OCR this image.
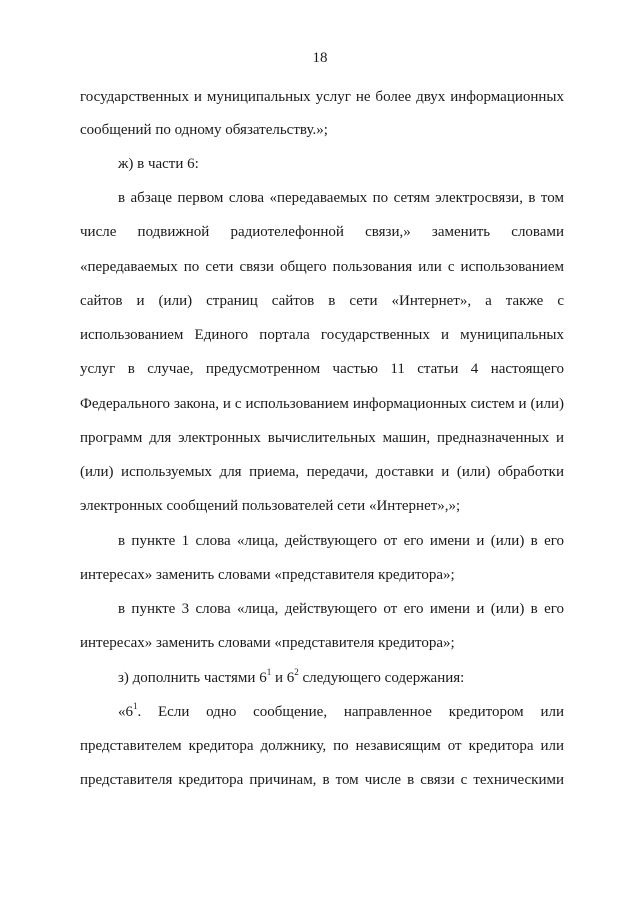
18
государственных и муниципальных услуг не более двух информационных
сообщений по одному обязательству.»;
ж) в части 6:
в абзаце первом слова «передаваемых по сетям электросвязи, в том
числе подвижной радиотелефонной связи,» заменить словами
«передаваемых по сети связи общего пользования или с использованием
сайтов и (или) страниц сайтов в сети «Интернет», а также с
использованием Единого портала государственных и муниципальных
услуг в случае, предусмотренном частью 11 статьи 4 настоящего
Федерального закона, и с использованием информационных систем и (или)
программ для электронных вычислительных машин, предназначенных и
(или) используемых для приема, передачи, доставки и (или) обработки
электронных сообщений пользователей сети «Интернет»,»;
в пункте 1 слова «лица, действующего от его имени и (или) в его
интересах» заменить словами «представителя кредитора»;
в пункте 3 слова «лица, действующего от его имени и (или) в его
интересах» заменить словами «представителя кредитора»;
з) дополнить частями $6^1$ и $6^2$ следующего содержания:
«$6^1$. Если одно сообщение, направленное кредитором или
представителем кредитора должнику, по независящим от кредитора или
представителя кредитора причинам, в том числе в связи с техническими
